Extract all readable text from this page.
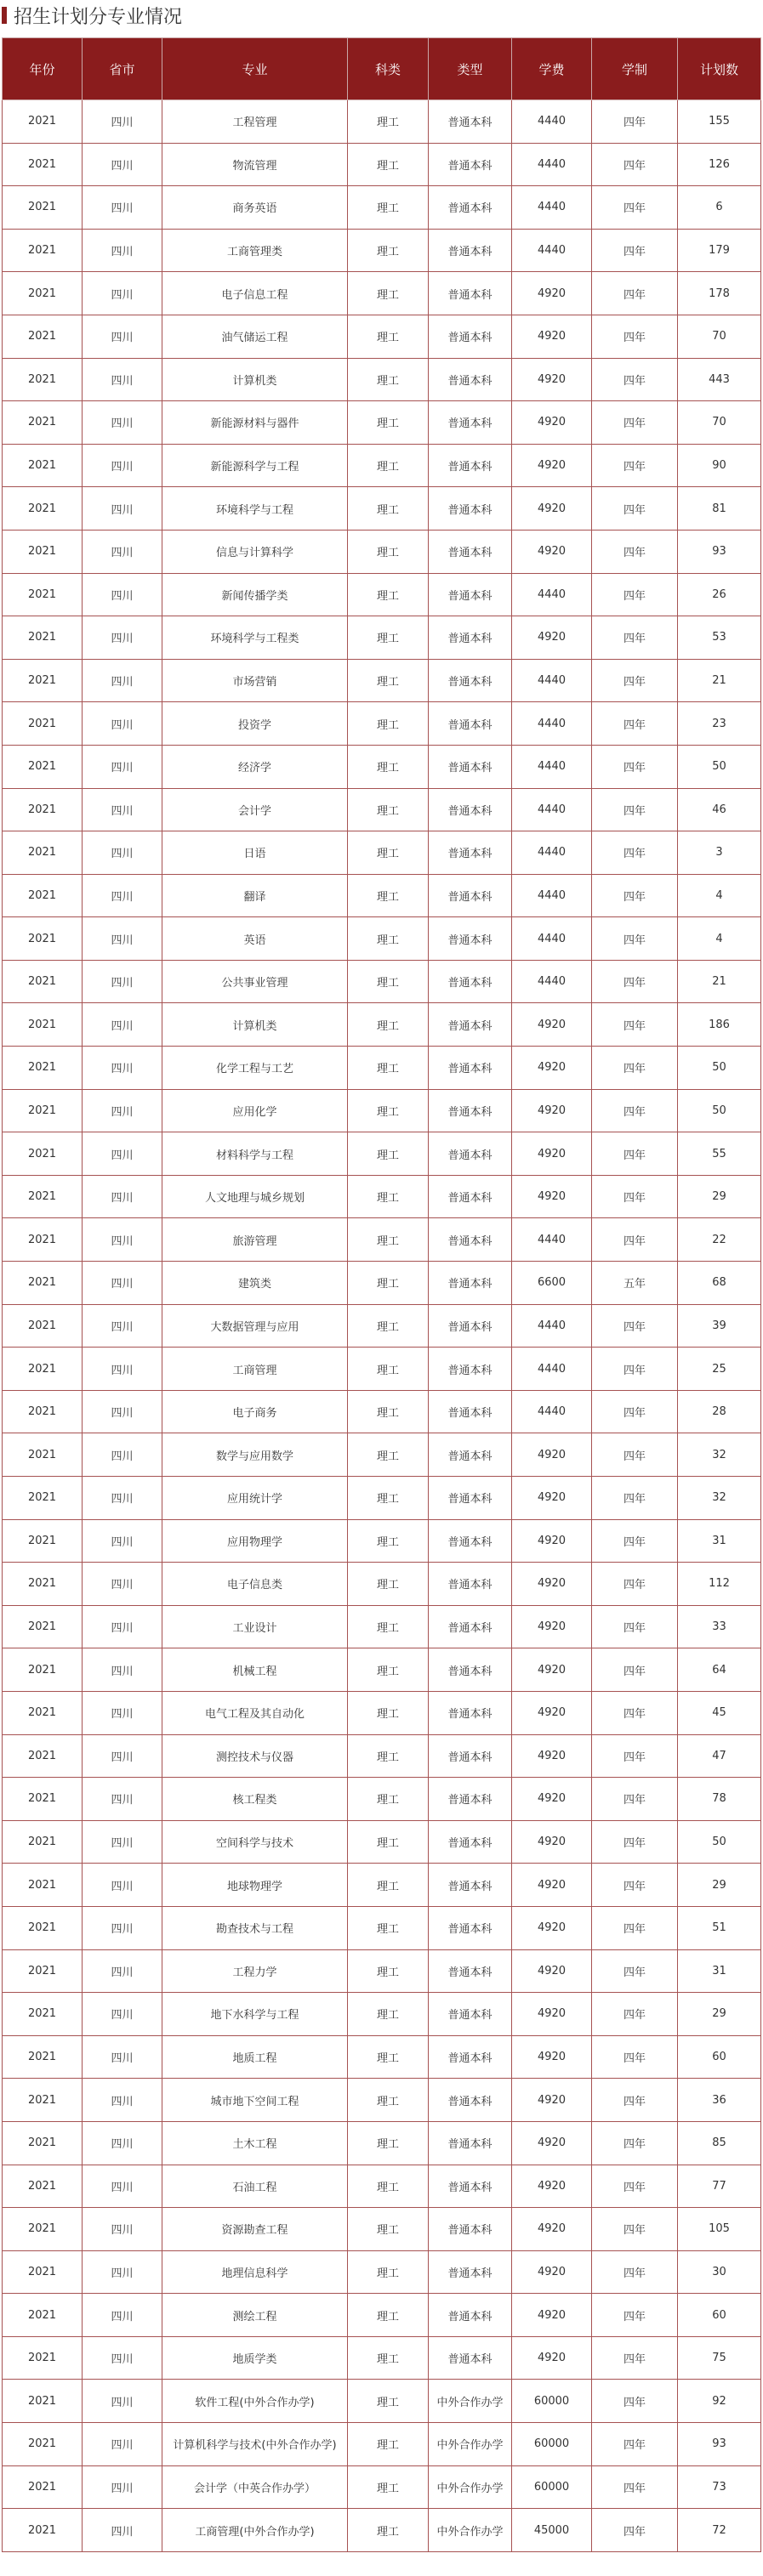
招生计划分专业情况
年份	省市	专业	科类	类型	学费	学制	计划数
2021	四川	工程管理	理工	普通本科	4440	四年	155
2021	四川	物流管理	理工	普通本科	4440	四年	126
2021	四川	商务英语	理工	普通本科	4440	四年	6
2021	四川	工商管理类	理工	普通本科	4440	四年	179
2021	四川	电子信息工程	理工	普通本科	4920	四年	178
2021	四川	油气储运工程	理工	普通本科	4920	四年	70
2021	四川	计算机类	理工	普通本科	4920	四年	443
2021	四川	新能源材料与器件	理工	普通本科	4920	四年	70
2021	四川	新能源科学与工程	理工	普通本科	4920	四年	90
2021	四川	环境科学与工程	理工	普通本科	4920	四年	81
2021	四川	信息与计算科学	理工	普通本科	4920	四年	93
2021	四川	新闻传播学类	理工	普通本科	4440	四年	26
2021	四川	环境科学与工程类	理工	普通本科	4920	四年	53
2021	四川	市场营销	理工	普通本科	4440	四年	21
2021	四川	投资学	理工	普通本科	4440	四年	23
2021	四川	经济学	理工	普通本科	4440	四年	50
2021	四川	会计学	理工	普通本科	4440	四年	46
2021	四川	日语	理工	普通本科	4440	四年	3
2021	四川	翻译	理工	普通本科	4440	四年	4
2021	四川	英语	理工	普通本科	4440	四年	4
2021	四川	公共事业管理	理工	普通本科	4440	四年	21
2021	四川	计算机类	理工	普通本科	4920	四年	186
2021	四川	化学工程与工艺	理工	普通本科	4920	四年	50
2021	四川	应用化学	理工	普通本科	4920	四年	50
2021	四川	材料科学与工程	理工	普通本科	4920	四年	55
2021	四川	人文地理与城乡规划	理工	普通本科	4920	四年	29
2021	四川	旅游管理	理工	普通本科	4440	四年	22
2021	四川	建筑类	理工	普通本科	6600	五年	68
2021	四川	大数据管理与应用	理工	普通本科	4440	四年	39
2021	四川	工商管理	理工	普通本科	4440	四年	25
2021	四川	电子商务	理工	普通本科	4440	四年	28
2021	四川	数学与应用数学	理工	普通本科	4920	四年	32
2021	四川	应用统计学	理工	普通本科	4920	四年	32
2021	四川	应用物理学	理工	普通本科	4920	四年	31
2021	四川	电子信息类	理工	普通本科	4920	四年	112
2021	四川	工业设计	理工	普通本科	4920	四年	33
2021	四川	机械工程	理工	普通本科	4920	四年	64
2021	四川	电气工程及其自动化	理工	普通本科	4920	四年	45
2021	四川	测控技术与仪器	理工	普通本科	4920	四年	47
2021	四川	核工程类	理工	普通本科	4920	四年	78
2021	四川	空间科学与技术	理工	普通本科	4920	四年	50
2021	四川	地球物理学	理工	普通本科	4920	四年	29
2021	四川	勘查技术与工程	理工	普通本科	4920	四年	51
2021	四川	工程力学	理工	普通本科	4920	四年	31
2021	四川	地下水科学与工程	理工	普通本科	4920	四年	29
2021	四川	地质工程	理工	普通本科	4920	四年	60
2021	四川	城市地下空间工程	理工	普通本科	4920	四年	36
2021	四川	土木工程	理工	普通本科	4920	四年	85
2021	四川	石油工程	理工	普通本科	4920	四年	77
2021	四川	资源勘查工程	理工	普通本科	4920	四年	105
2021	四川	地理信息科学	理工	普通本科	4920	四年	30
2021	四川	测绘工程	理工	普通本科	4920	四年	60
2021	四川	地质学类	理工	普通本科	4920	四年	75
2021	四川	软件工程(中外合作办学)	理工	中外合作办学	60000	四年	92
2021	四川	计算机科学与技术(中外合作办学)	理工	中外合作办学	60000	四年	93
2021	四川	会计学（中英合作办学）	理工	中外合作办学	60000	四年	73
2021	四川	工商管理(中外合作办学)	理工	中外合作办学	45000	四年	72
